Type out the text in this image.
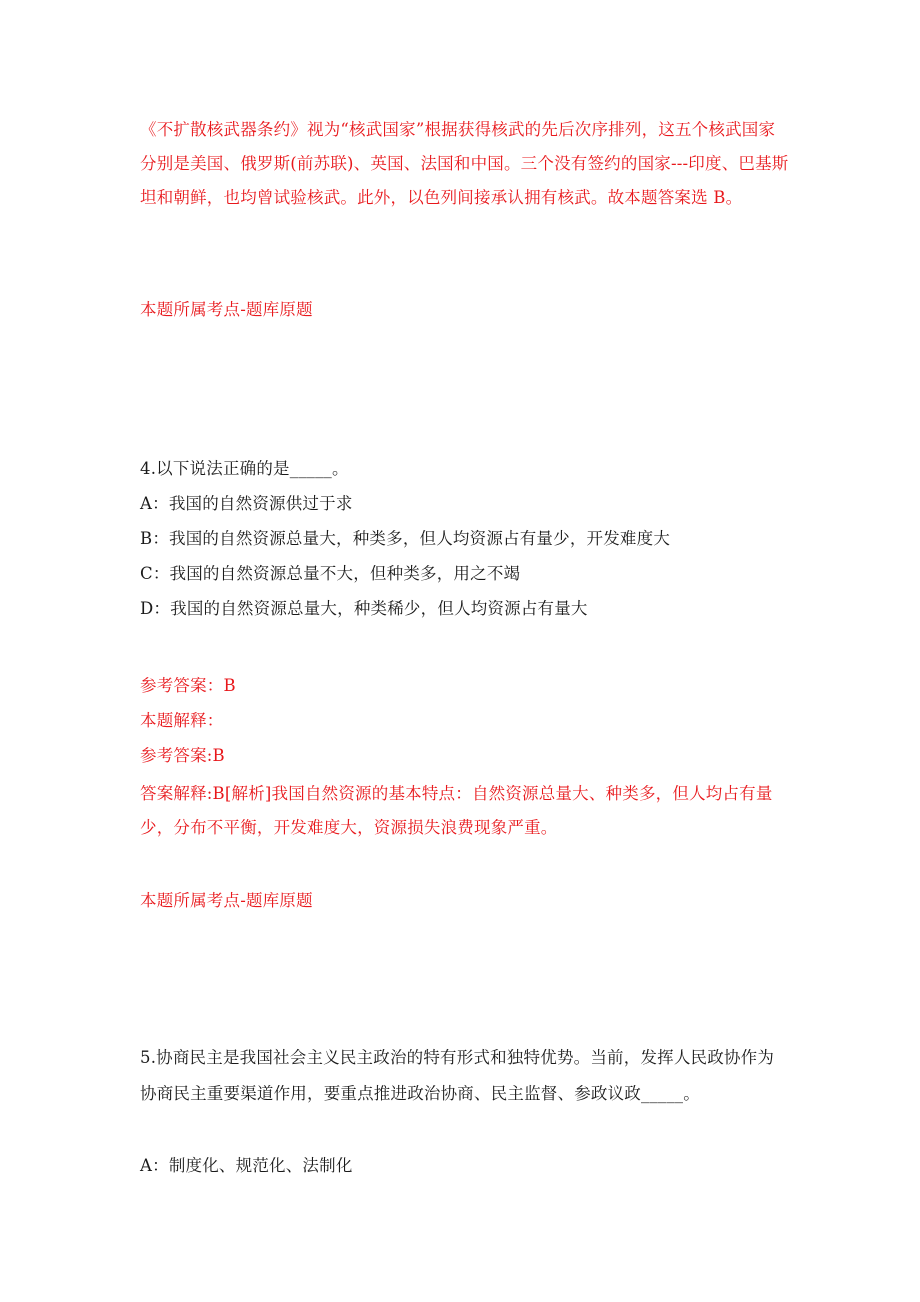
《不扩散核武器条约》视为“核武国家”根据获得核武的先后次序排列，这五个核武国家分别是美国、俄罗斯(前苏联)、英国、法国和中国。三个没有签约的国家---印度、巴基斯坦和朝鲜，也均曾试验核武。此外，以色列间接承认拥有核武。故本题答案选 B。

本题所属考点-题库原题

4.以下说法正确的是_____。

A：我国的自然资源供过于求

B：我国的自然资源总量大，种类多，但人均资源占有量少，开发难度大

C：我国的自然资源总量不大，但种类多，用之不竭

D：我国的自然资源总量大，种类稀少，但人均资源占有量大

参考答案：B

本题解释：

参考答案:B

答案解释:B[解析]我国自然资源的基本特点：自然资源总量大、种类多，但人均占有量少，分布不平衡，开发难度大，资源损失浪费现象严重。

本题所属考点-题库原题

5.协商民主是我国社会主义民主政治的特有形式和独特优势。当前，发挥人民政协作为协商民主重要渠道作用，要重点推进政治协商、民主监督、参政议政_____。

A：制度化、规范化、法制化
